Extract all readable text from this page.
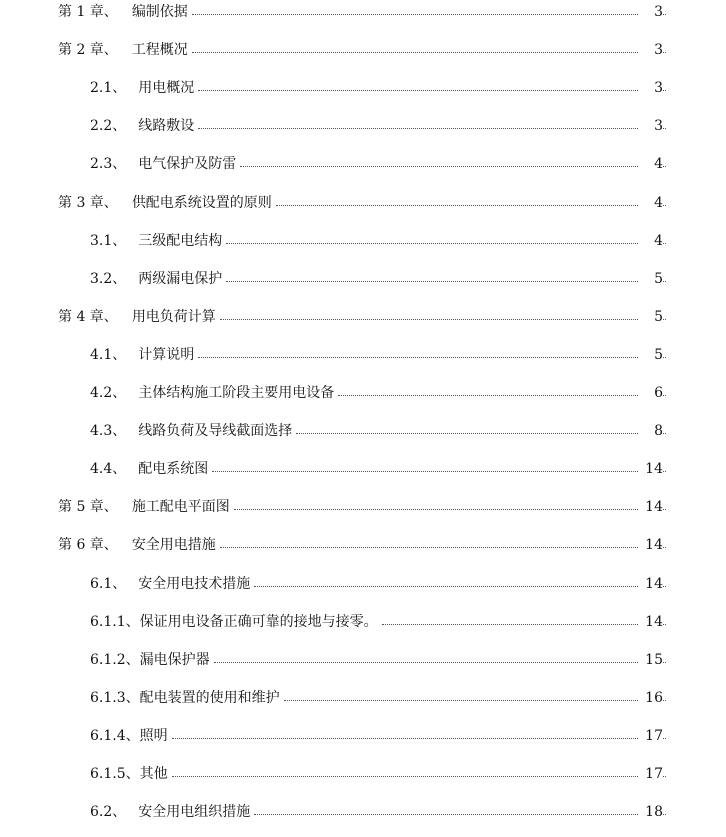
第 1 章、 编制依据	3
第 2 章、 工程概况	3
2.1、 用电概况	3
2.2、 线路敷设	3
2.3、 电气保护及防雷	4
第 3 章、 供配电系统设置的原则	4
3.1、 三级配电结构	4
3.2、 两级漏电保护	5
第 4 章、 用电负荷计算	5
4.1、 计算说明	5
4.2、 主体结构施工阶段主要用电设备	6
4.3、 线路负荷及导线截面选择	8
4.4、 配电系统图	14
第 5 章、 施工配电平面图	14
第 6 章、 安全用电措施	14
6.1、 安全用电技术措施	14
6.1.1、保证用电设备正确可靠的接地与接零。	14
6.1.2、漏电保护器	15
6.1.3、配电装置的使用和维护	16
6.1.4、照明	17
6.1.5、其他	17
6.2、 安全用电组织措施	18
